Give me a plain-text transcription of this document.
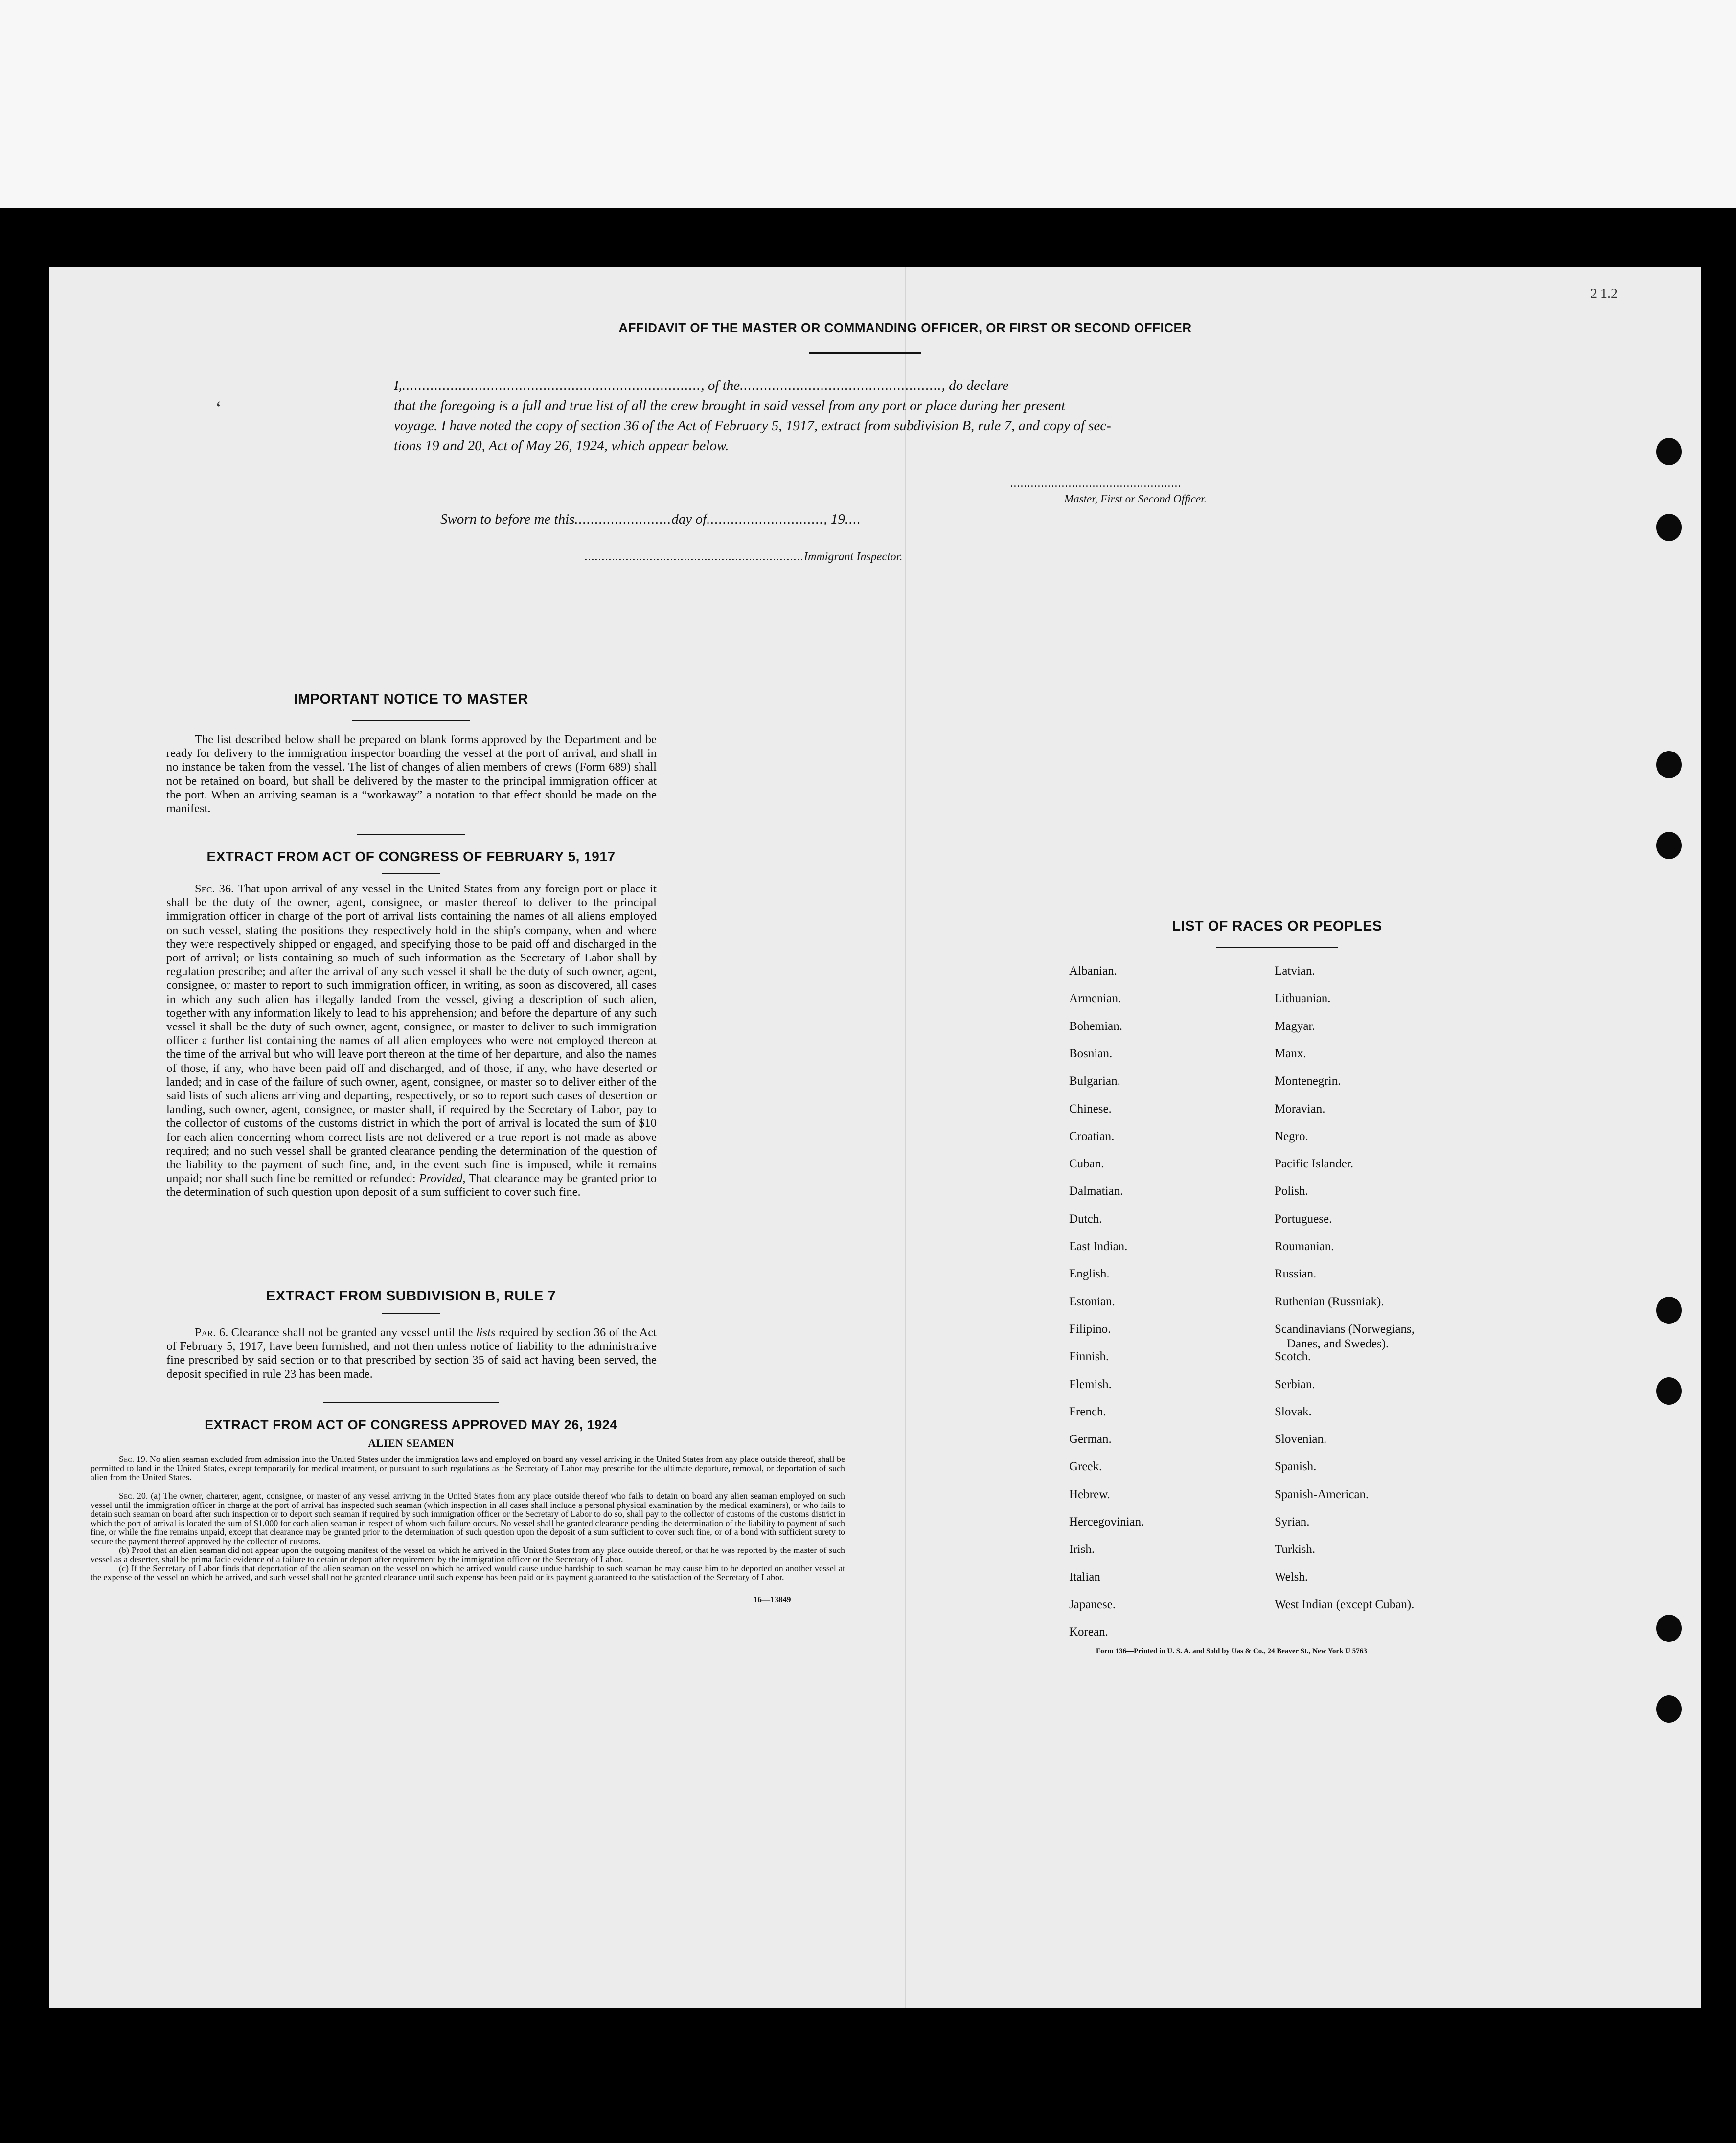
2 1.2
‘
AFFIDAVIT OF THE MASTER OR COMMANDING OFFICER, OR FIRST OR SECOND OFFICER
I,.........................................................................., of the.................................................., do declare
that the foregoing is a full and true list of all the crew brought in said vessel from any port or place during her present
voyage. I have noted the copy of section 36 of the Act of February 5, 1917, extract from subdivision B, rule 7, and copy of sec-
tions 19 and 20, Act of May 26, 1924, which appear below.
..................................................
Master, First or Second Officer.
Sworn to before me this........................day of............................., 19....
................................................................Immigrant Inspector.
IMPORTANT NOTICE TO MASTER
The list described below shall be prepared on blank forms approved by the Department and be ready for delivery to the immigration inspector boarding the vessel at the port of arrival, and shall in no instance be taken from the vessel. The list of changes of alien members of crews (Form 689) shall not be retained on board, but shall be delivered by the master to the principal immigration officer at the port. When an arriving seaman is a “workaway” a notation to that effect should be made on the manifest.
EXTRACT FROM ACT OF CONGRESS OF FEBRUARY 5, 1917
Sec. 36. That upon arrival of any vessel in the United States from any foreign port or place it shall be the duty of the owner, agent, consignee, or master thereof to deliver to the principal immigration officer in charge of the port of arrival lists containing the names of all aliens employed on such vessel, stating the positions they respectively hold in the ship's company, when and where they were respectively shipped or engaged, and specifying those to be paid off and discharged in the port of arrival; or lists containing so much of such information as the Secretary of Labor shall by regulation prescribe; and after the arrival of any such vessel it shall be the duty of such owner, agent, consignee, or master to report to such immigration officer, in writing, as soon as discovered, all cases in which any such alien has illegally landed from the vessel, giving a description of such alien, together with any information likely to lead to his apprehension; and before the departure of any such vessel it shall be the duty of such owner, agent, consignee, or master to deliver to such immigration officer a further list containing the names of all alien employees who were not employed thereon at the time of the arrival but who will leave port thereon at the time of her departure, and also the names of those, if any, who have been paid off and discharged, and of those, if any, who have deserted or landed; and in case of the failure of such owner, agent, consignee, or master so to deliver either of the said lists of such aliens arriving and departing, respectively, or so to report such cases of desertion or landing, such owner, agent, consignee, or master shall, if required by the Secretary of Labor, pay to the collector of customs of the customs district in which the port of arrival is located the sum of $10 for each alien concerning whom correct lists are not delivered or a true report is not made as above required; and no such vessel shall be granted clearance pending the determination of the question of the liability to the payment of such fine, and, in the event such fine is imposed, while it remains unpaid; nor shall such fine be remitted or refunded: Provided, That clearance may be granted prior to the determination of such question upon deposit of a sum sufficient to cover such fine.
EXTRACT FROM SUBDIVISION B, RULE 7
Par. 6. Clearance shall not be granted any vessel until the lists required by section 36 of the Act of February 5, 1917, have been furnished, and not then unless notice of liability to the administrative fine prescribed by said section or to that prescribed by section 35 of said act having been served, the deposit specified in rule 23 has been made.
EXTRACT FROM ACT OF CONGRESS APPROVED MAY 26, 1924
ALIEN SEAMEN
Sec. 19. No alien seaman excluded from admission into the United States under the immigration laws and employed on board any vessel arriving in the United States from any place outside thereof, shall be permitted to land in the United States, except temporarily for medical treatment, or pursuant to such regulations as the Secretary of Labor may prescribe for the ultimate departure, removal, or deportation of such alien from the United States.
Sec. 20. (a) The owner, charterer, agent, consignee, or master of any vessel arriving in the United States from any place outside thereof who fails to detain on board any alien seaman employed on such vessel until the immigration officer in charge at the port of arrival has inspected such seaman (which inspection in all cases shall include a personal physical examination by the medical examiners), or who fails to detain such seaman on board after such inspection or to deport such seaman if required by such immigration officer or the Secretary of Labor to do so, shall pay to the collector of customs of the customs district in which the port of arrival is located the sum of $1,000 for each alien seaman in respect of whom such failure occurs. No vessel shall be granted clearance pending the determination of the liability to payment of such fine, or while the fine remains unpaid, except that clearance may be granted prior to the determination of such question upon the deposit of a sum sufficient to cover such fine, or of a bond with sufficient surety to secure the payment thereof approved by the collector of customs.
(b) Proof that an alien seaman did not appear upon the outgoing manifest of the vessel on which he arrived in the United States from any place outside thereof, or that he was reported by the master of such vessel as a deserter, shall be prima facie evidence of a failure to detain or deport after requirement by the immigration officer or the Secretary of Labor.
(c) If the Secretary of Labor finds that deportation of the alien seaman on the vessel on which he arrived would cause undue hardship to such seaman he may cause him to be deported on another vessel at the expense of the vessel on which he arrived, and such vessel shall not be granted clearance until such expense has been paid or its payment guaranteed to the satisfaction of the Secretary of Labor.
16—13849
LIST OF RACES OR PEOPLES
Albanian.
Armenian.
Bohemian.
Bosnian.
Bulgarian.
Chinese.
Croatian.
Cuban.
Dalmatian.
Dutch.
East Indian.
English.
Estonian.
Filipino.
Finnish.
Flemish.
French.
German.
Greek.
Hebrew.
Hercegovinian.
Irish.
Italian
Japanese.
Korean.
Latvian.
Lithuanian.
Magyar.
Manx.
Montenegrin.
Moravian.
Negro.
Pacific Islander.
Polish.
Portuguese.
Roumanian.
Russian.
Ruthenian (Russniak).
Scandinavians (Norwegians,
Danes, and Swedes).
Scotch.
Serbian.
Slovak.
Slovenian.
Spanish.
Spanish-American.
Syrian.
Turkish.
Welsh.
West Indian (except Cuban).
Form 136—Printed in U. S. A. and Sold by Uas & Co., 24 Beaver St., New York U 5763
